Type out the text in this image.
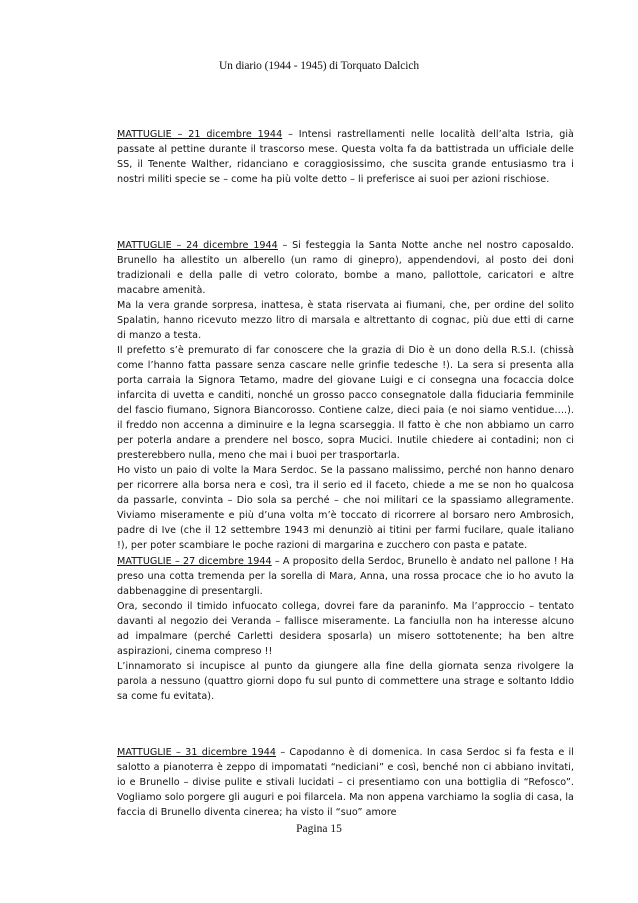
Un diario (1944 - 1945) di Torquato Dalcich

MATTUGLIE – 21 dicembre 1944 – Intensi rastrellamenti nelle località dell’alta Istria, già passate al pettine durante il trascorso mese. Questa volta fa da battistrada un ufficiale delle SS, il Tenente Walther, ridanciano e coraggiosissimo, che suscita grande entusiasmo tra i nostri militi specie se – come ha più volte detto – li preferisce ai suoi per azioni rischiose.

MATTUGLIE – 24 dicembre 1944 – Si festeggia la Santa Notte anche nel nostro caposaldo. Brunello ha allestito un alberello (un ramo di ginepro), appendendovi, al posto dei doni tradizionali e della palle di vetro colorato, bombe a mano, pallottole, caricatori e altre macabre amenità.

Ma la vera grande sorpresa, inattesa, è stata riservata ai fiumani, che, per ordine del solito Spalatin, hanno ricevuto mezzo litro di marsala e altrettanto di cognac, più due etti di carne di manzo a testa.

Il prefetto s’è premurato di far conoscere che la grazia di Dio è un dono della R.S.I. (chissà come l’hanno fatta passare senza cascare nelle grinfie tedesche !). La sera si presenta alla porta carraia la Signora Tetamo, madre del giovane Luigi e ci consegna una focaccia dolce infarcita di uvetta e canditi, nonché un grosso pacco consegnatole dalla fiduciaria femminile del fascio fiumano, Signora Biancorosso. Contiene calze, dieci paia (e noi siamo ventidue….). il freddo non accenna a diminuire e la legna scarseggia. Il fatto è che non abbiamo un carro per poterla andare a prendere nel bosco, sopra Mucici. Inutile chiedere ai contadini; non ci presterebbero nulla, meno che mai i buoi per trasportarla.

Ho visto un paio di volte la Mara Serdoc. Se la passano malissimo, perché non hanno denaro per ricorrere alla borsa nera e così, tra il serio ed il faceto, chiede a me se non ho qualcosa da passarle, convinta – Dio sola sa perché – che noi militari ce la spassiamo allegramente. Viviamo miseramente e più d’una volta m’è toccato di ricorrere al borsaro nero Ambrosich, padre di Ive (che il 12 settembre 1943 mi denunziò ai titini per farmi fucilare, quale italiano !), per poter scambiare le poche razioni di margarina e zucchero con pasta e patate.

MATTUGLIE – 27 dicembre 1944 – A proposito della Serdoc, Brunello è andato nel pallone ! Ha preso una cotta tremenda per la sorella di Mara, Anna, una rossa procace che io ho avuto la dabbenaggine di presentargli.

Ora, secondo il timido infuocato collega, dovrei fare da paraninfo. Ma l’approccio – tentato davanti al negozio dei Veranda – fallisce miseramente. La fanciulla non ha interesse alcuno ad impalmare (perché Carletti desidera sposarla) un misero sottotenente; ha ben altre aspirazioni, cinema compreso !!

L’innamorato si incupisce al punto da giungere alla fine della giornata senza rivolgere la parola a nessuno (quattro giorni dopo fu sul punto di commettere una strage e soltanto Iddio sa come fu evitata).

MATTUGLIE – 31 dicembre 1944 – Capodanno è di domenica. In casa Serdoc si fa festa e il salotto a pianoterra è zeppo di impomatati “nediciani” e così, benché non ci abbiano invitati, io e Brunello – divise pulite e stivali lucidati – ci presentiamo con una bottiglia di “Refosco”. Vogliamo solo porgere gli auguri e poi filarcela. Ma non appena varchiamo la soglia di casa, la faccia di Brunello diventa cinerea; ha visto il “suo” amore

Pagina 15
